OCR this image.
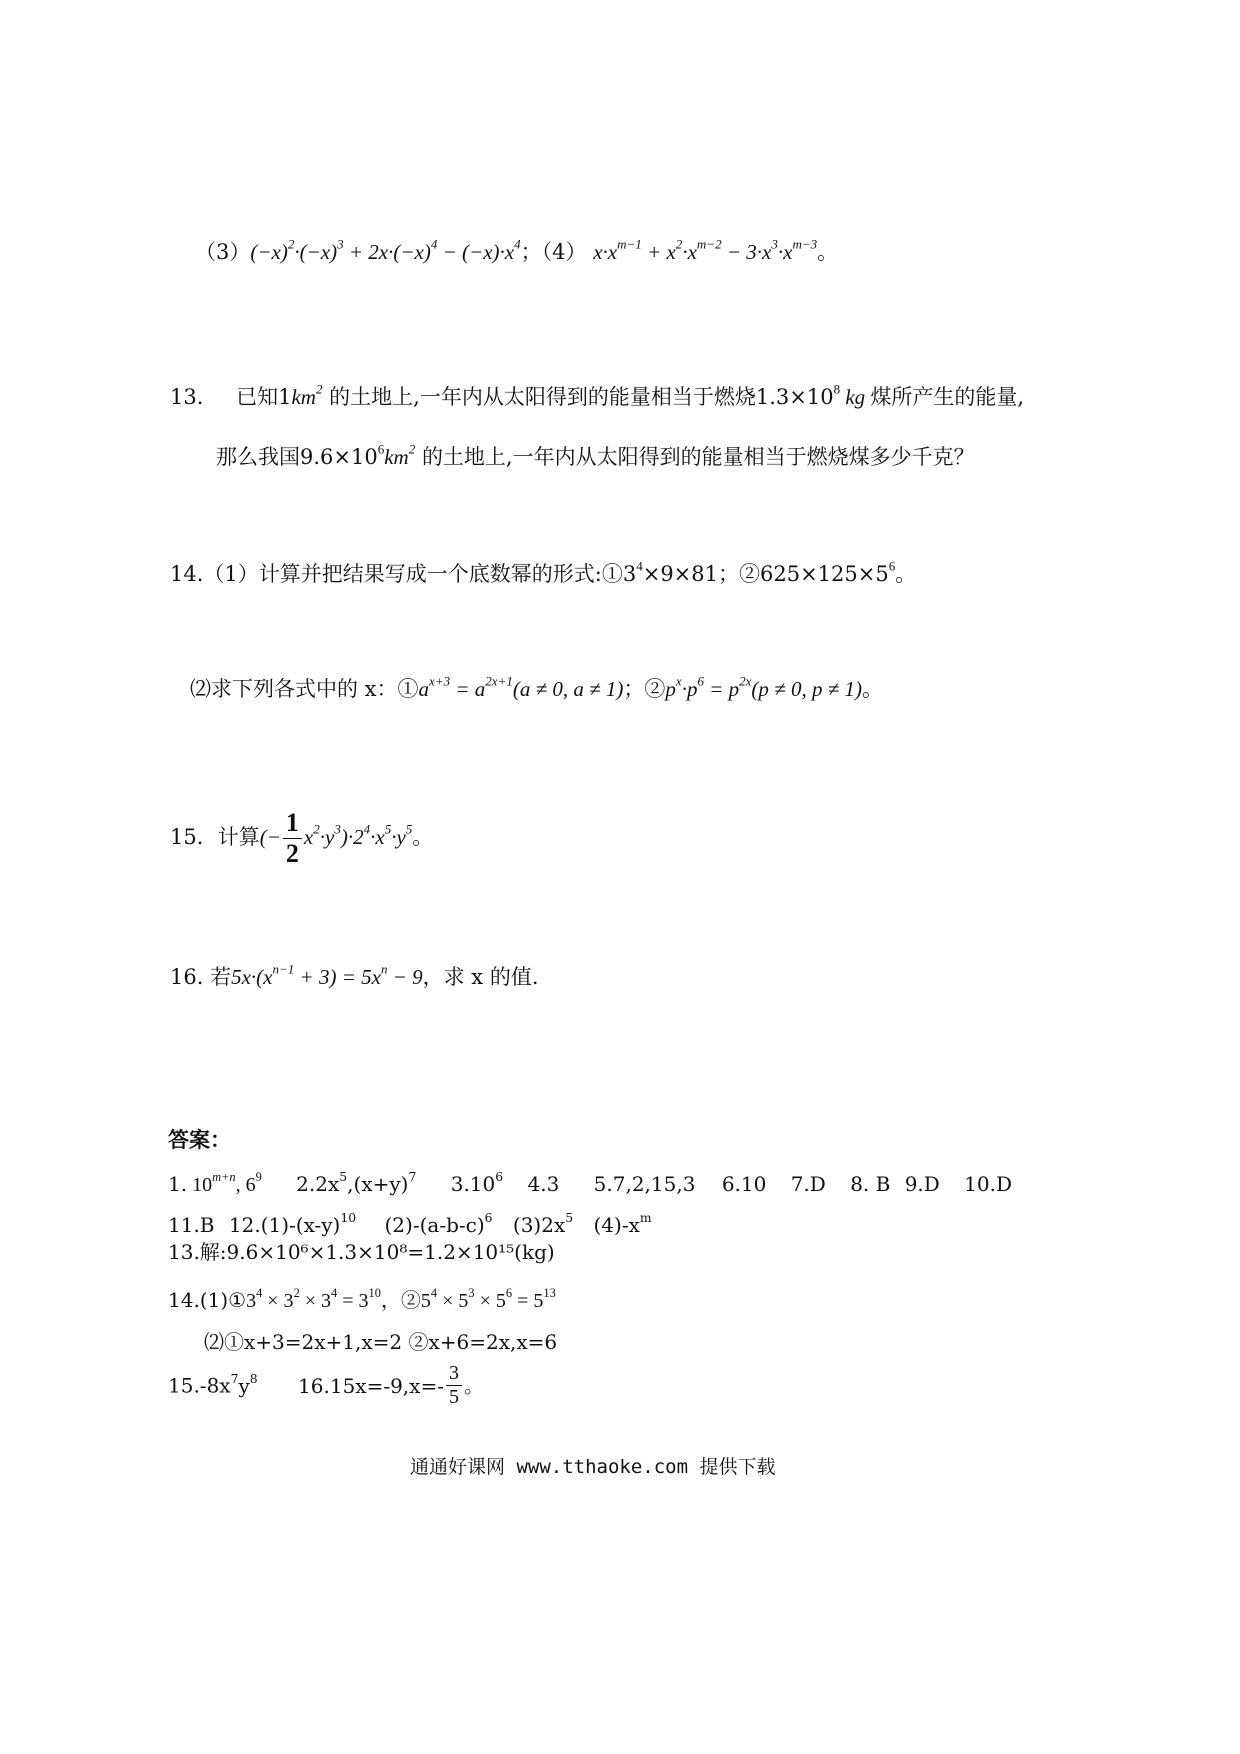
$(3)(-x)^2\cdot(-x)^3 + 2x\cdot(-x)^4 - (-x)\cdot x^4$；（4） $x\cdot x^{m-1} + x^2\cdot x^{m-2} - 3\cdot x^3\cdot x^{m-3}$。
13. 已知$1km^2$ 的土地上,一年内从太阳得到的能量相当于燃烧$1.3\times 10^8$ kg 煤所产生的能量,
那么我国$9.6\times 10^6km^2$ 的土地上,一年内从太阳得到的能量相当于燃烧煤多少千克？
14.（1）计算并把结果写成一个底数幂的形式$:①3^4\times 9\times 81$；$②625\times 125\times 5^6$。
⑵求下列各式中的 x：$①a^{x+3} = a^{2x+1}(a \ne 0$, a ≠ 1)；$②p^x\cdot p^6 = p^{2x}(p \ne 0$, p ≠ 1)。
15．计算(− $\frac{1}{2} x^2\cdot y^3)\cdot 2^4\cdot x^5\cdot y^5$。
16. 若$5x\cdot(x^{n-1} + 3) = 5x^n - 9$，求 x 的值.
答案：
1. $10^{m+n}$, $6^9$ $2.2x^5,(x+y)^7$ 3.10$^6$ 4.3 5.7,2,15,3 6.10 7.D 8. B 9.D 10.D
11.B $12.(1)-(x-y)^{10}$ $(2)-(a-b-c)^6$ $(3)2x^5$ $(4)-x^m$
13.解:9.6×10⁶×1.3×10⁸=1.2×10¹⁵(kg)
$14.(1)①3^4 \times 3^2 \times 3^4 = 3^{10}$，$②5^4 \times 5^3 \times 5^6 = 5^{13}$
⑵①x+3=2x+1,x=2 ②x+6=2x,x=6
$15.-8x^7y^8$ $16.15x=-9,x=- \frac{3}{5}$ 。
通通好课网 www.tthaoke.com 提供下载
